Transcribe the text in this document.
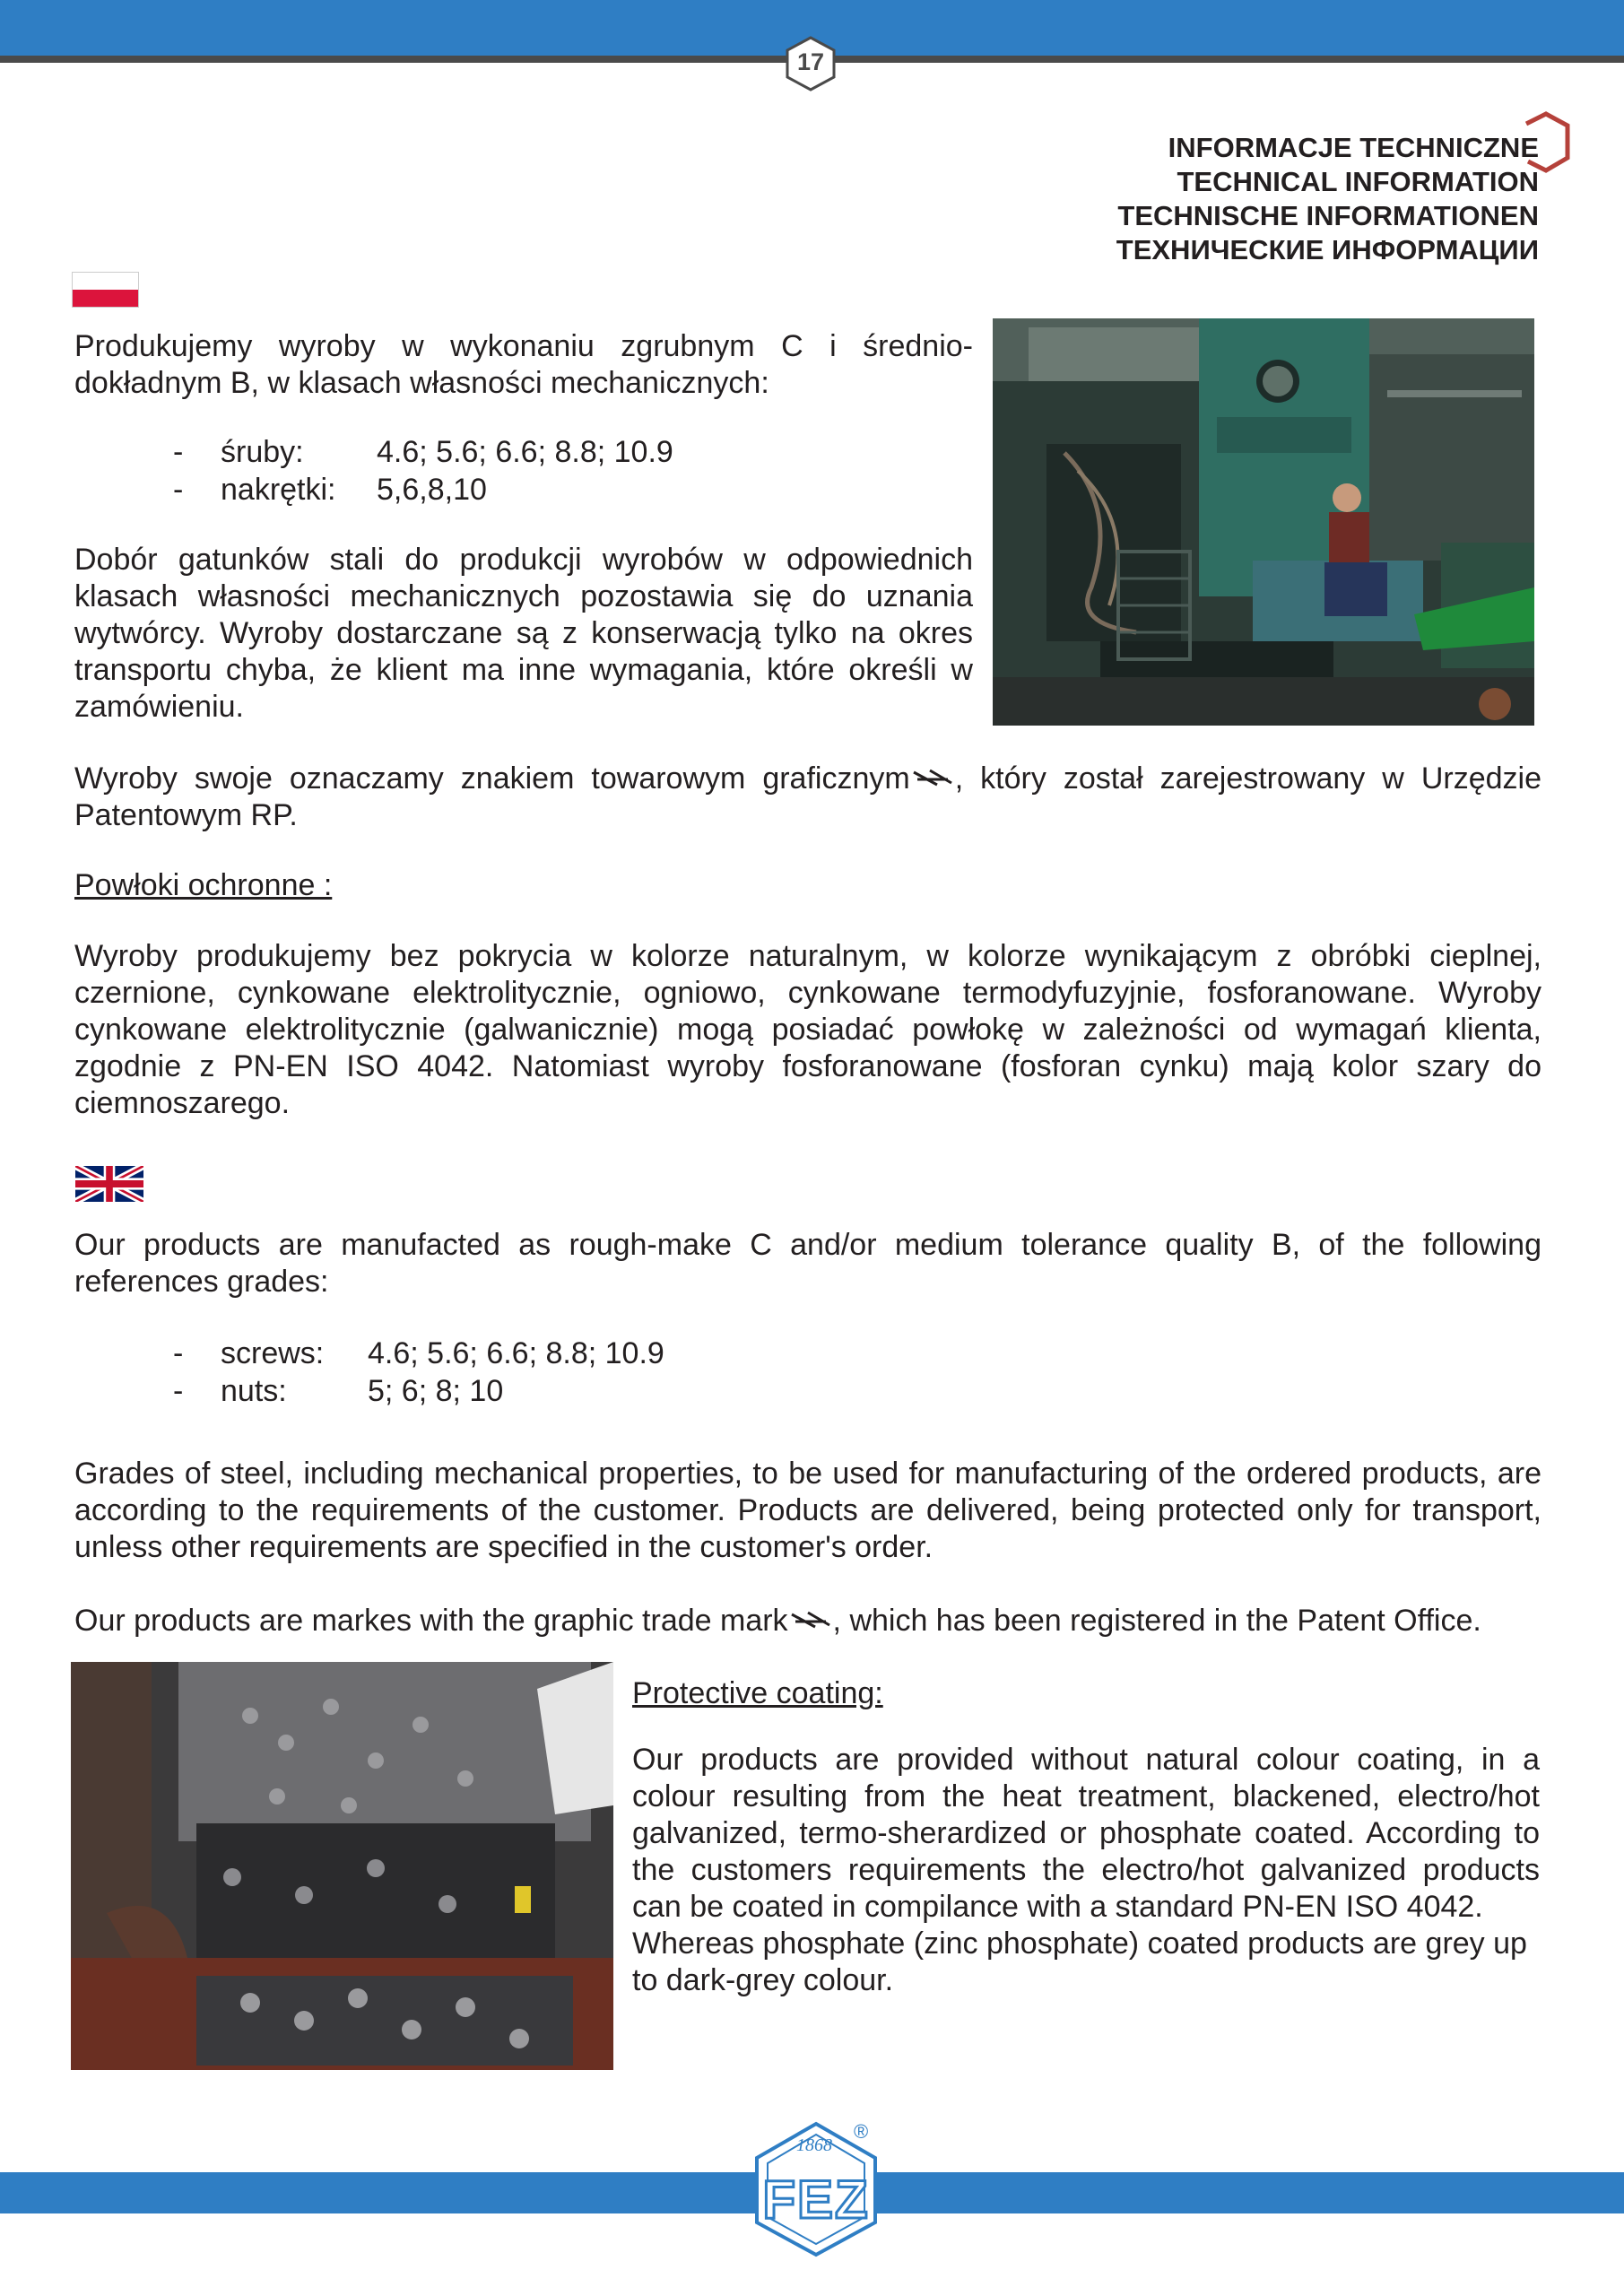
17
INFORMACJE TECHNICZNE
TECHNICAL INFORMATION
TECHNISCHE INFORMATIONEN
ТЕХНИЧЕСКИЕ ИНФОРМАЦИИ
Produkujemy wyroby w wykonaniu zgrubnym C i średnio-dokładnym B, w klasach własności mechanicznych:
-	śruby:	4.6; 5.6; 6.6; 8.8; 10.9
-	nakrętki:	5,6,8,10
Dobór gatunków stali do produkcji wyrobów w odpowiednich klasach własności mechanicznych pozostawia się do uznania wytwórcy. Wyroby dostarczane są z konserwacją tylko na okres transportu chyba, że klient ma inne wymagania, które określi w zamówieniu.
Wyroby swoje oznaczamy znakiem towarowym graficznym , który został zarejestrowany w Urzędzie Patentowym RP.
Powłoki ochronne :
Wyroby produkujemy bez pokrycia w kolorze naturalnym, w kolorze wynikającym z obróbki cieplnej, czernione, cynkowane elektrolitycznie, ogniowo, cynkowane termodyfuzyjnie, fosforanowane. Wyroby cynkowane elektrolitycznie (galwanicznie) mogą posiadać powłokę w zależności od wymagań klienta, zgodnie z PN-EN ISO 4042. Natomiast wyroby fosforanowane (fosforan cynku) mają kolor szary do ciemnoszarego.
Our products are manufacted as rough-make C and/or medium tolerance quality B, of the following references grades:
-	screws:	4.6; 5.6; 6.6; 8.8; 10.9
-	nuts:	5; 6; 8; 10
Grades of steel, including mechanical properties, to be used for manufacturing of the ordered products, are according to the requirements of the customer. Products are delivered, being protected only for transport, unless other requirements are specified in the customer's order.
Our products are markes with the graphic trade mark , which has been registered in the Patent Office.
Protective coating:

Our products are provided without natural colour coating, in a colour resulting from the heat treatment, blackened, electro/hot galvanized, termo-sherardized or phosphate coated. According to the customers requirements the electro/hot galvanized products can be coated in compilance with a standard PN-EN ISO 4042.

Whereas phosphate (zinc phosphate) coated products are grey up to dark-grey colour.

1868
FEZ
®
